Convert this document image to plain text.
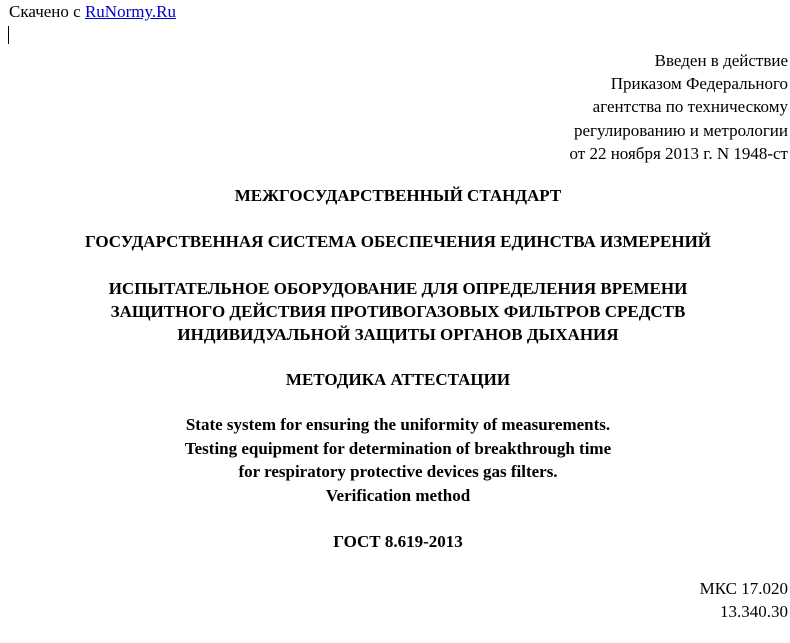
Скачено с RuNormy.Ru
Введен в действие
Приказом Федерального
агентства по техническому
регулированию и метрологии
от 22 ноября 2013 г. N 1948-ст
МЕЖГОСУДАРСТВЕННЫЙ СТАНДАРТ
ГОСУДАРСТВЕННАЯ СИСТЕМА ОБЕСПЕЧЕНИЯ ЕДИНСТВА ИЗМЕРЕНИЙ
ИСПЫТАТЕЛЬНОЕ ОБОРУДОВАНИЕ ДЛЯ ОПРЕДЕЛЕНИЯ ВРЕМЕНИ
ЗАЩИТНОГО ДЕЙСТВИЯ ПРОТИВОГАЗОВЫХ ФИЛЬТРОВ СРЕДСТВ
ИНДИВИДУАЛЬНОЙ ЗАЩИТЫ ОРГАНОВ ДЫХАНИЯ
МЕТОДИКА АТТЕСТАЦИИ
State system for ensuring the uniformity of measurements.
Testing equipment for determination of breakthrough time
for respiratory protective devices gas filters.
Verification method
ГОСТ 8.619-2013
МКС 17.020
13.340.30
